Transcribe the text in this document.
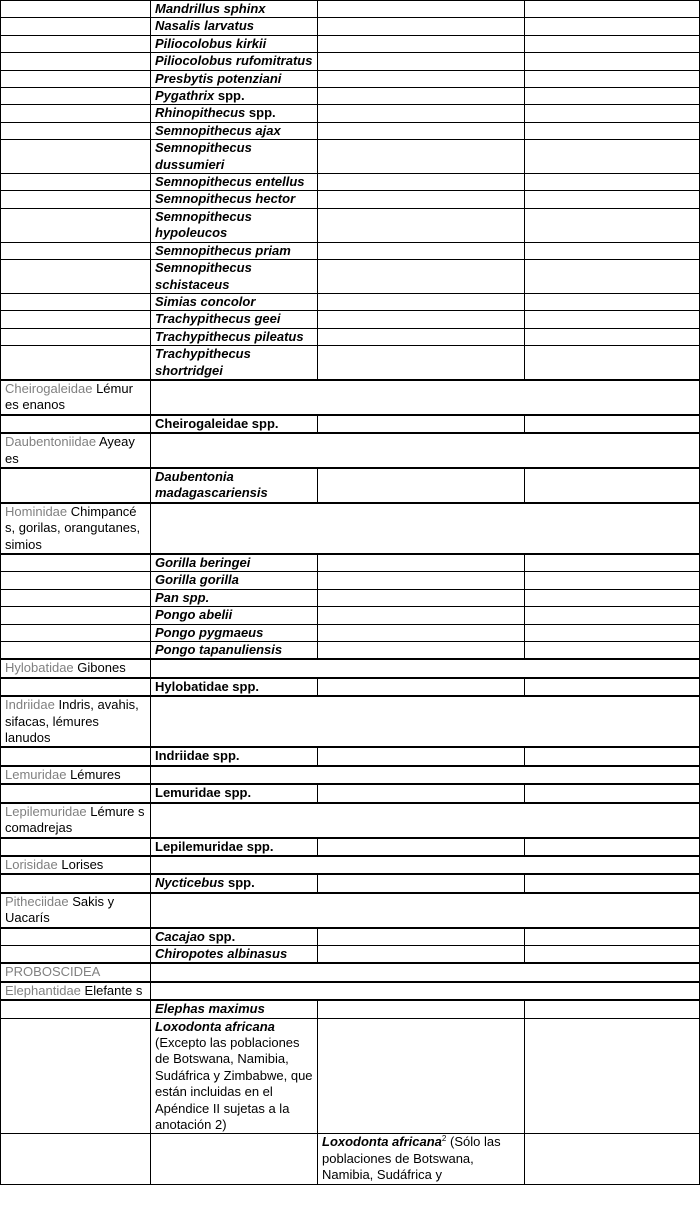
	Mandrillus sphinx		
	Nasalis larvatus		
	Piliocolobus kirkii		
	Piliocolobus rufomitratus		
	Presbytis potenziani		
	Pygathrix spp.		
	Rhinopithecus spp.		
	Semnopithecus ajax		
	Semnopithecus dussumieri		
	Semnopithecus entellus		
	Semnopithecus hector		
	Semnopithecus hypoleucos		
	Semnopithecus priam		
	Semnopithecus schistaceus		
	Simias concolor		
	Trachypithecus geei		
	Trachypithecus pileatus		
	Trachypithecus shortridgei		
Cheirogaleidae Lémur es enanos			
	Cheirogaleidae spp.		
Daubentoniidae Ayeay es			
	Daubentonia madagascariensis		
Hominidae Chimpancé s, gorilas, orangutanes, simios			
	Gorilla beringei		
	Gorilla gorilla		
	Pan spp.		
	Pongo abelii		
	Pongo pygmaeus		
	Pongo tapanuliensis		
Hylobatidae Gibones			
	Hylobatidae spp.		
Indriidae Indris, avahis, sifacas, lémures lanudos			
	Indriidae spp.		
Lemuridae Lémures			
	Lemuridae spp.		
Lepilemuridae Lémure s comadrejas			
	Lepilemuridae spp.		
Lorisidae Lorises			
	Nycticebus spp.		
Pitheciidae Sakis y Uacarís			
	Cacajao spp.		
	Chiropotes albinasus		
PROBOSCIDEA			
Elephantidae Elefante s			
	Elephas maximus		
	Loxodonta africana (Excepto las poblaciones de Botswana, Namibia, Sudáfrica y Zimbabwe, que están incluidas en el Apéndice II sujetas a la anotación 2)		
		Loxodonta africana$^2$ (Sólo las poblaciones de Botswana, Namibia, Sudáfrica y	
